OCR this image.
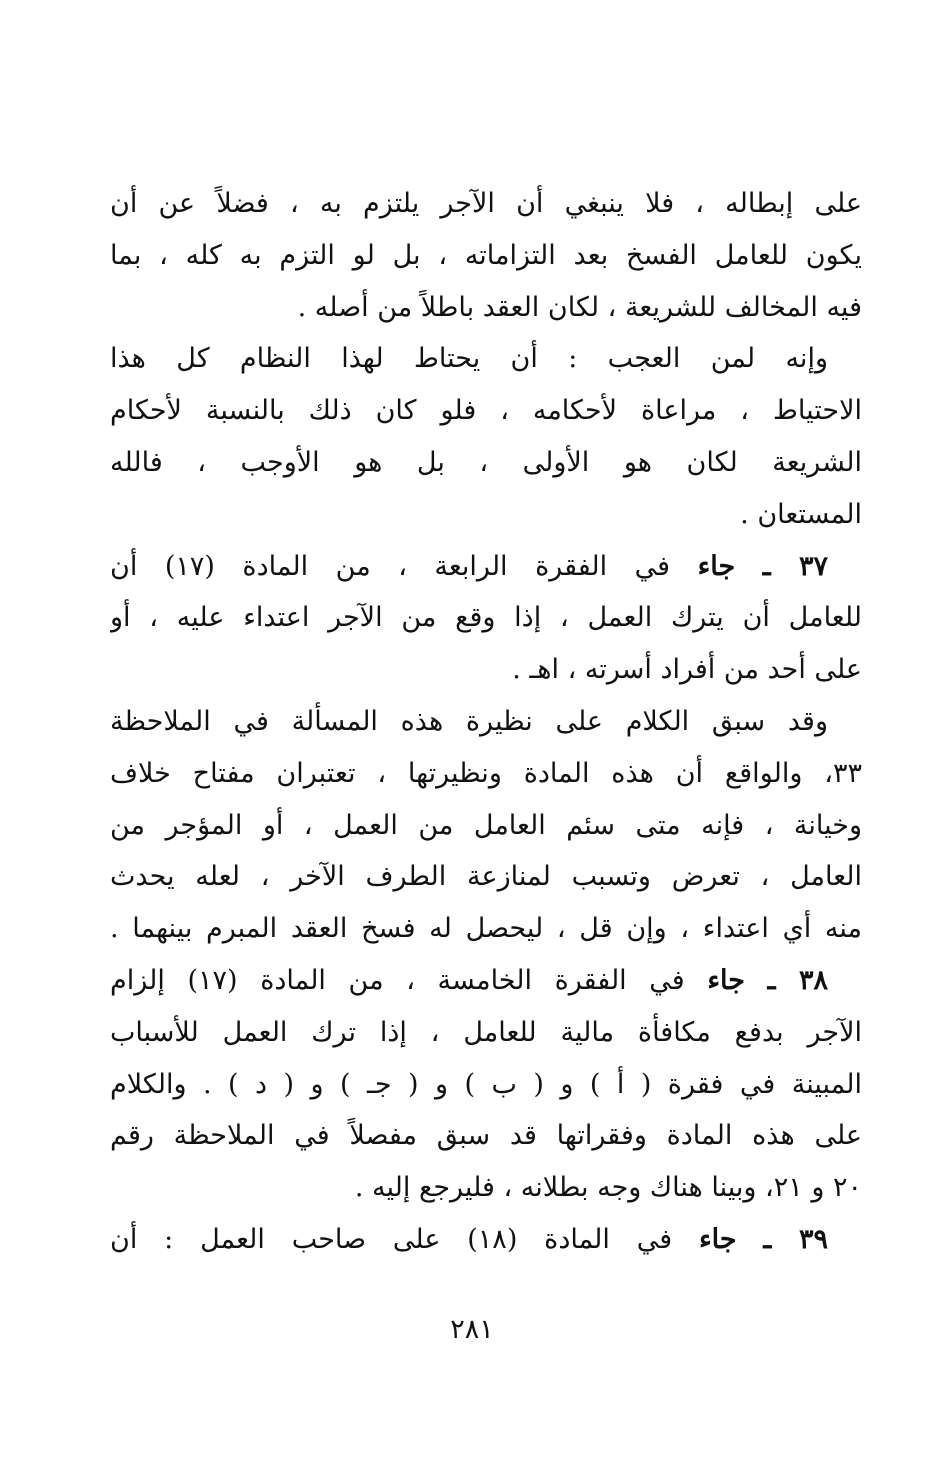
على إبطاله ، فلا ينبغي أن الآجر يلتزم به ، فضلاً عن أن
يكون للعامل الفسخ بعد التزاماته ، بل لو التزم به كله ، بما
فيه المخالف للشريعة ، لكان العقد باطلاً من أصله .
وإنه لمن العجب : أن يحتاط لهذا النظام كل هذا
الاحتياط ، مراعاة لأحكامه ، فلو كان ذلك بالنسبة لأحكام
الشريعة لكان هو الأولى ، بل هو الأوجب ، فالله
المستعان .
٣٧ ـ جاء في الفقرة الرابعة ، من المادة (١٧) أن
للعامل أن يترك العمل ، إذا وقع من الآجر اعتداء عليه ، أو
على أحد من أفراد أسرته ، اهـ .
وقد سبق الكلام على نظيرة هذه المسألة في الملاحظة
٣٣، والواقع أن هذه المادة ونظيرتها ، تعتبران مفتاح خلاف
وخيانة ، فإنه متى سئم العامل من العمل ، أو المؤجر من
العامل ، تعرض وتسبب لمنازعة الطرف الآخر ، لعله يحدث
منه أي اعتداء ، وإن قل ، ليحصل له فسخ العقد المبرم بينهما .
٣٨ ـ جاء في الفقرة الخامسة ، من المادة (١٧) إلزام
الآجر بدفع مكافأة مالية للعامل ، إذا ترك العمل للأسباب
المبينة في فقرة ( أ ) و ( ب ) و ( جـ ) و ( د ) . والكلام
على هذه المادة وفقراتها قد سبق مفصلاً في الملاحظة رقم
٢٠ و ٢١، وبينا هناك وجه بطلانه ، فليرجع إليه .
٣٩ ـ جاء في المادة (١٨) على صاحب العمل : أن
٢٨١
